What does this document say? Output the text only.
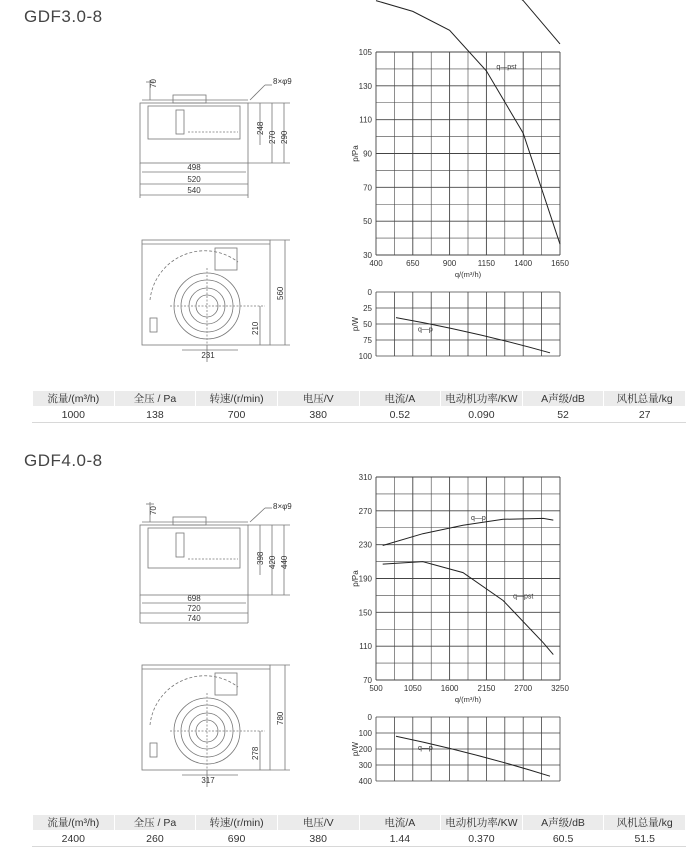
GDF3.0-8
70	8×φ9
248
270 290
498
520
540
560
210
231
105
130
110
90
70
50
30
400	650	900	1150 1400 1650
p/Pa
q/(m³/h)
q—pst
0
25
50
75
100
p/W	q—p
流量/(m³/h)	全压 / Pa	转速/(r/min)	电压/V	电流/A	电动机功率/KW	A声级/dB	风机总量/kg
1000	138	700	380	0.52	0.090	52	27
GDF4.0-8
70	8×φ9
398 420 440
698
720
740
780
278
317
310
270
230
190
150
110
70
500	1050 1600 2150 2700 3250
p/Pa
q/(m³/h)
q—p
q—pst
0
100
200
300
400
p/W	q—p
流量/(m³/h)	全压 / Pa	转速/(r/min)	电压/V	电流/A	电动机功率/KW	A声级/dB	风机总量/kg
2400	260	690	380	1.44	0.370	60.5	51.5
